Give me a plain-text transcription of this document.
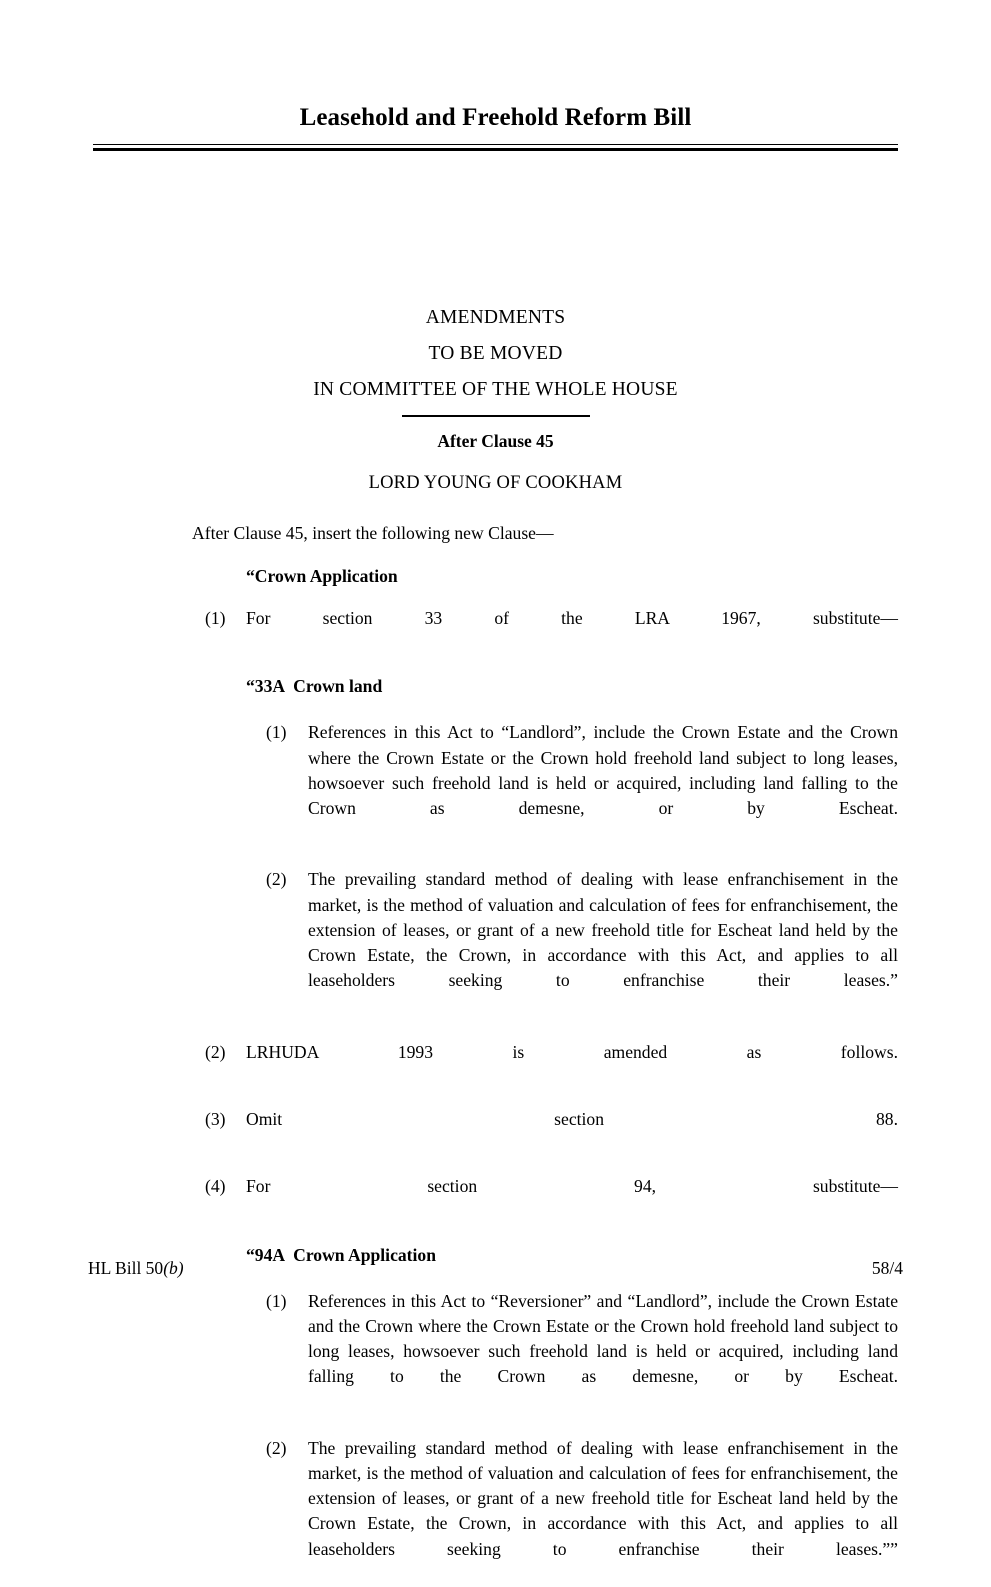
Leasehold and Freehold Reform Bill
AMENDMENTS
TO BE MOVED
IN COMMITTEE OF THE WHOLE HOUSE
After Clause 45
LORD YOUNG OF COOKHAM
After Clause 45, insert the following new Clause—
“Crown Application
(1) For section 33 of the LRA 1967, substitute—
“33A Crown land
(1) References in this Act to “Landlord”, include the Crown Estate and the Crown where the Crown Estate or the Crown hold freehold land subject to long leases, howsoever such freehold land is held or acquired, including land falling to the Crown as demesne, or by Escheat.
(2) The prevailing standard method of dealing with lease enfranchisement in the market, is the method of valuation and calculation of fees for enfranchisement, the extension of leases, or grant of a new freehold title for Escheat land held by the Crown Estate, the Crown, in accordance with this Act, and applies to all leaseholders seeking to enfranchise their leases.”
(2) LRHUDA 1993 is amended as follows.
(3) Omit section 88.
(4) For section 94, substitute—
“94A Crown Application
(1) References in this Act to “Reversioner” and “Landlord”, include the Crown Estate and the Crown where the Crown Estate or the Crown hold freehold land subject to long leases, howsoever such freehold land is held or acquired, including land falling to the Crown as demesne, or by Escheat.
(2) The prevailing standard method of dealing with lease enfranchisement in the market, is the method of valuation and calculation of fees for enfranchisement, the extension of leases, or grant of a new freehold title for Escheat land held by the Crown Estate, the Crown, in accordance with this Act, and applies to all leaseholders seeking to enfranchise their leases.””
HL Bill 50(b)	58/4
